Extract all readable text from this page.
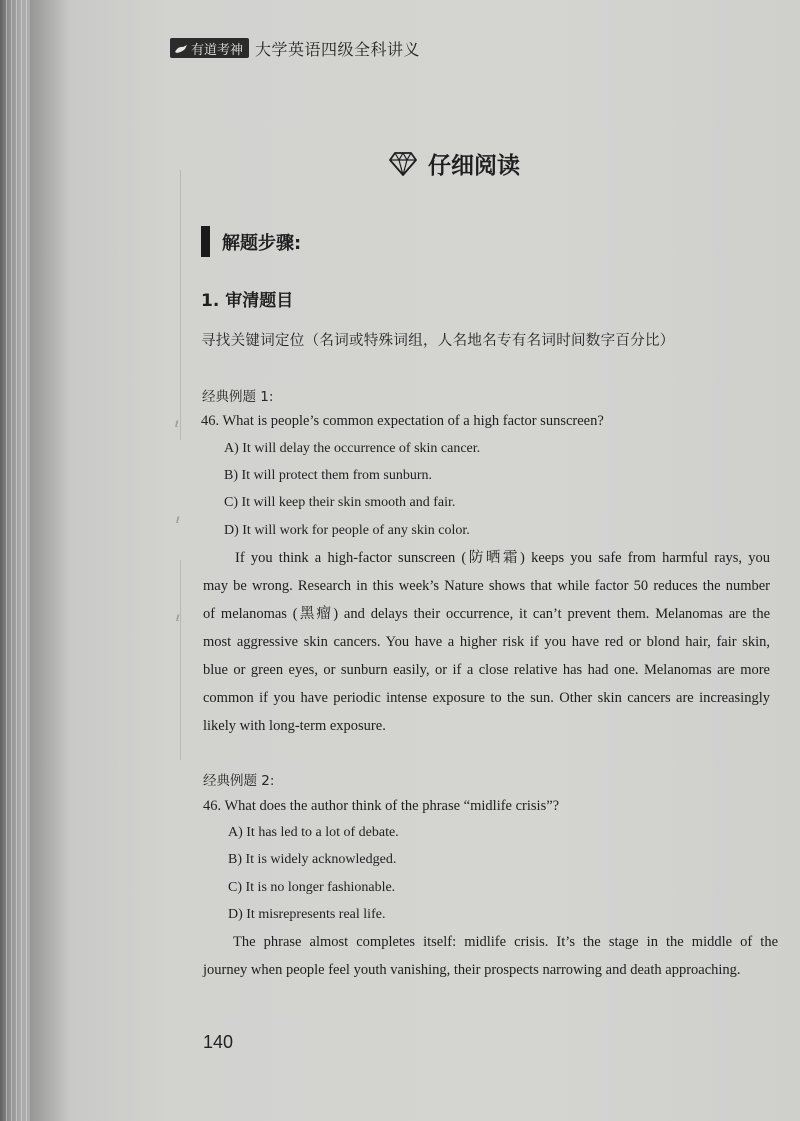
ℓ
ℓ
ℓ
有道考神 大学英语四级全科讲义
仔细阅读
解题步骤:
1. 审清题目
寻找关键词定位（名词或特殊词组，人名地名专有名词时间数字百分比）
经典例题 1:
46. What is people’s common expectation of a high factor sunscreen?
A) It will delay the occurrence of skin cancer.
B) It will protect them from sunburn.
C) It will keep their skin smooth and fair.
D) It will work for people of any skin color.
If you think a high-factor sunscreen (防晒霜) keeps you safe from harmful rays, you
may be wrong. Research in this week’s Nature shows that while factor 50 reduces the number
of melanomas (黑瘤) and delays their occurrence, it can’t prevent them. Melanomas are the
most aggressive skin cancers. You have a higher risk if you have red or blond hair, fair skin,
blue or green eyes, or sunburn easily, or if a close relative has had one. Melanomas are more
common if you have periodic intense exposure to the sun. Other skin cancers are increasingly
likely with long-term exposure.
经典例题 2:
46. What does the author think of the phrase “midlife crisis”?
A) It has led to a lot of debate.
B) It is widely acknowledged.
C) It is no longer fashionable.
D) It misrepresents real life.
The phrase almost completes itself: midlife crisis. It’s the stage in the middle of the
journey when people feel youth vanishing, their prospects narrowing and death approaching.
140
